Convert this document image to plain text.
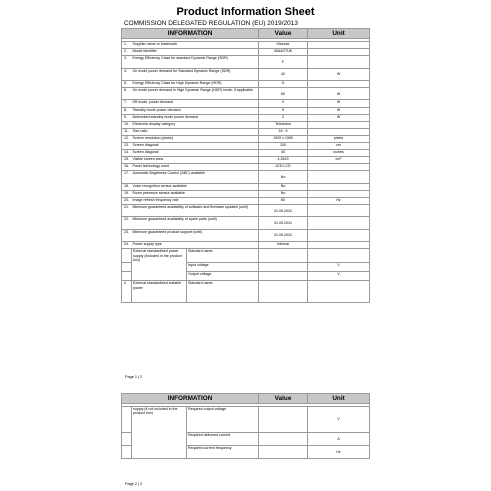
Product Information Sheet
COMMISSION DELEGATED REGULATION (EU) 2019/2013
INFORMATION			Value	Unit

1.	Supplier name or trademark		Hisense	
2.	Model identifier		40A4GTUK	
3.	Energy Efficiency Class for standard Dynamic Range (SDR)		F	
4.	On mode power demand for Standard Dynamic Range (SDR)		42	W
5.	Energy Efficiency Class for High Dynamic Range (HDR)		G	
6.	On mode power demand in High Dynamic Range (HDR) mode, if applicable		60	W
7.	Off mode, power demand		0	W
8.	Standby mode power demand		5	W
9.	Networked standby mode power demand		2	W
10.	Electronic display category		Television	
11.	Size ratio		16 : 9	
12.	Screen resolution (pixels)		1920 x 1080	pixels
13.	Screen diagonal		100	cm
14.	Screen diagonal		40	inches
15.	Visible screen area		4,2619	cm²
16.	Panel technology used		LED LCD	
17.	Automatic Brightness Control (ABC) available		No	
18.	Voice recognition sensor available		No	
19.	Room presence sensor available		No	
20.	Image refresh frequency rate		60	Hz
21.	Minimum guaranteed availability of software and firmware updates (until)		31.05.2031	
22.	Minimum guaranteed availability of spare parts (until)		31.05.2031	
23.	Minimum guaranteed product support (until)		31.05.2031	
24.	Power supply type		Internal	
	External standardised power supply (included in the product box)	Standard name		
		Input voltage		V
		Output voltage		V
ii	External standardised suitable power	Standard name		
Page 1 | 2
INFORMATION			Value	Unit

	supply (if not included in the product box)	Required output voltage		V
		Required delivered current		A
		Required current frequency		Hz
Page 2 | 2
